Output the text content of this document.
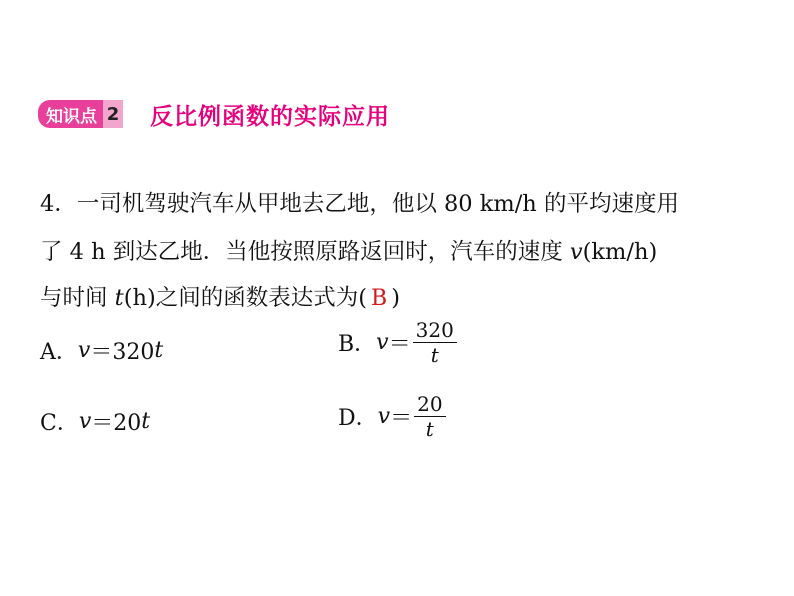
知识点 2 反比例函数的实际应用
4．一司机驾驶汽车从甲地去乙地，他以 80 km/h 的平均速度用
了 4 h 到达乙地．当他按照原路返回时，汽车的速度 v(km/h)
与时间 t(h)之间的函数表达式为( B )
A． v ＝320 t	B． $v = \frac{320}{t}$
C． v ＝20 t	D． $v = \frac{20}{t}$
